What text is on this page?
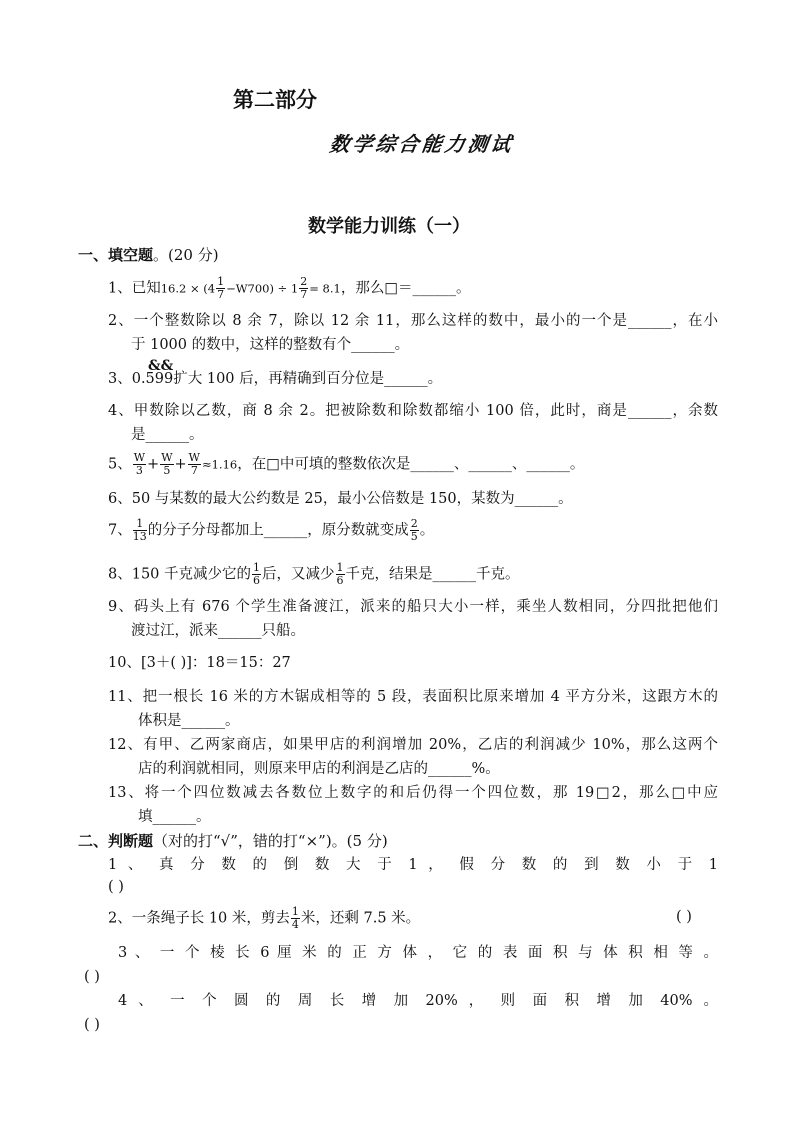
第二部分
数学综合能力测试
数学能力训练（一）
一、填空题。(20 分)
1、已知$16.2 \times (4 \frac{1}{7} -W700) \div 1 \frac{2}{7} = 8.1$，那么□＝______。
2、一个整数除以 8 余 7，除以 12 余 11，那么这样的数中，最小的一个是______，在小
于 1000 的数中，这样的整数有个______。
&&
3、0.599扩大 100 后，再精确到百分位是______。
4、甲数除以乙数，商 8 余 2。把被除数和除数都缩小 100 倍，此时，商是______，余数
是______。
5、 $\frac{W}{3} + \frac{W}{5} + \frac{W}{7} \approx 1.16$，在□中可填的整数依次是______、______、______。
6、50 与某数的最大公约数是 25，最小公倍数是 150，某数为______。
7、 $\frac{1}{13}$ 的分子分母都加上______，原分数就变成 $\frac{2}{5}$ 。
8、150 千克减少它的 $\frac{1}{6}$ 后，又减少 $\frac{1}{6}$ 千克，结果是______千克。
9、码头上有 676 个学生准备渡江，派来的船只大小一样，乘坐人数相同，分四批把他们
渡过江，派来______只船。
10、[3＋( )]：18＝15：27
11、把一根长 16 米的方木锯成相等的 5 段，表面积比原来增加 4 平方分米，这跟方木的
体积是______。
12、有甲、乙两家商店，如果甲店的利润增加 20%，乙店的利润减少 10%，那么这两个
店的利润就相同，则原来甲店的利润是乙店的______%。
13、将一个四位数减去各数位上数字的和后仍得一个四位数，那 19□2，那么□中应
填______。
二、判断题（对的打“√”，错的打“×”)。(5 分)
1 、 真 分 数 的 倒 数 大 于 1 ， 假 分 数 的 到 数 小 于 1
( )
2、一条绳子长 10 米，剪去 $\frac{1}{4}$ 米，还剩 7.5 米。	( )
3 、 一 个 棱 长 6 厘 米 的 正 方 体 ， 它 的 表 面 积 与 体 积 相 等 。
( )
4 、 一 个 圆 的 周 长 增 加 20% ， 则 面 积 增 加 40% 。
( )
